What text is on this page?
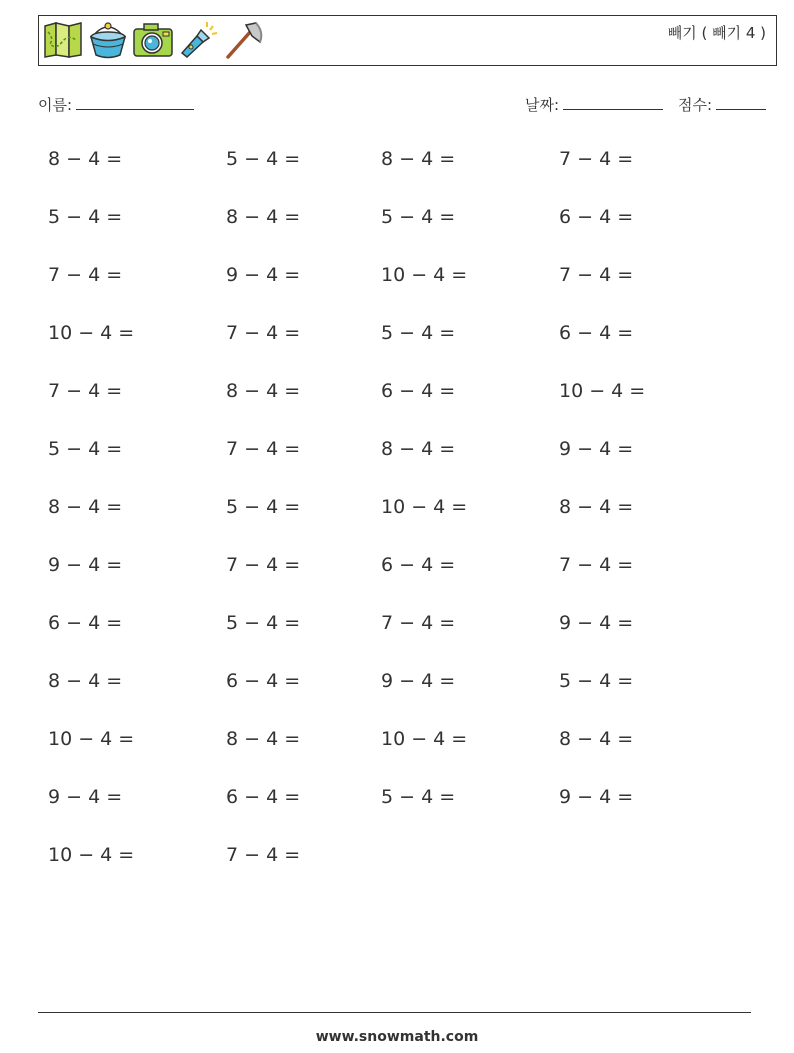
빼기 ( 빼기 4 )
이름:	날짜:	점수:
8 − 4 =	5 − 4 =	8 − 4 =	7 − 4 =
5 − 4 =	8 − 4 =	5 − 4 =	6 − 4 =
7 − 4 =	9 − 4 =	10 − 4 =	7 − 4 =
10 − 4 =	7 − 4 =	5 − 4 =	6 − 4 =
7 − 4 =	8 − 4 =	6 − 4 =	10 − 4 =
5 − 4 =	7 − 4 =	8 − 4 =	9 − 4 =
8 − 4 =	5 − 4 =	10 − 4 =	8 − 4 =
9 − 4 =	7 − 4 =	6 − 4 =	7 − 4 =
6 − 4 =	5 − 4 =	7 − 4 =	9 − 4 =
8 − 4 =	6 − 4 =	9 − 4 =	5 − 4 =
10 − 4 =	8 − 4 =	10 − 4 =	8 − 4 =
9 − 4 =	6 − 4 =	5 − 4 =	9 − 4 =
10 − 4 =	7 − 4 =
www.snowmath.com
